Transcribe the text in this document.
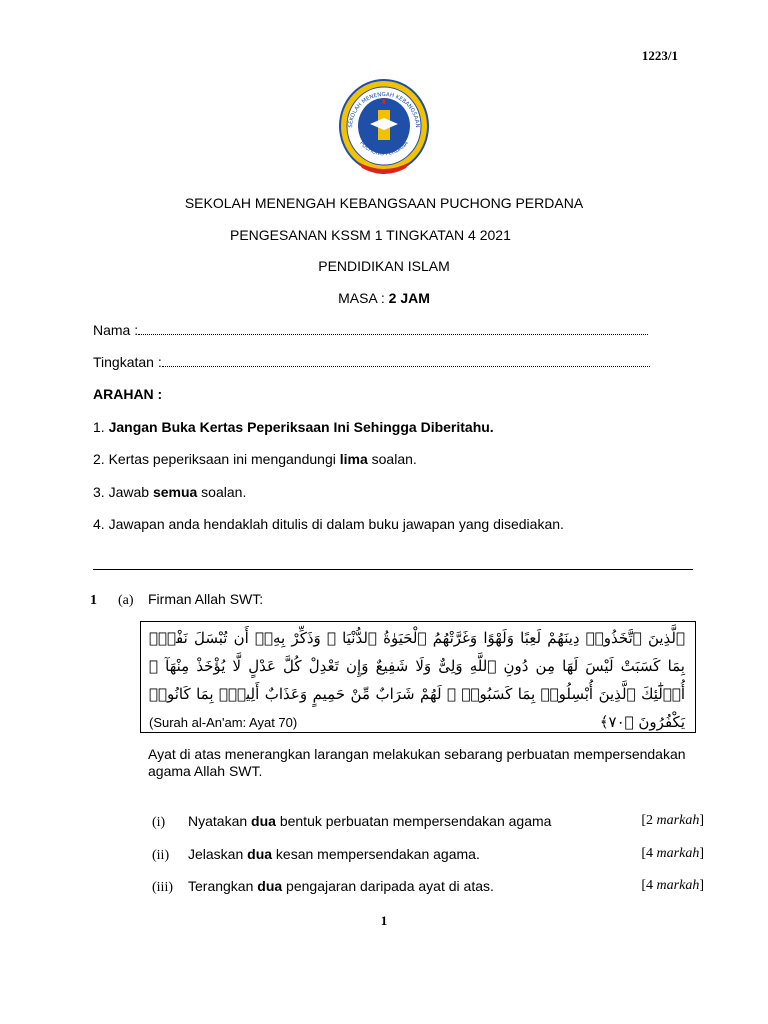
1223/1
SEKOLAH MENENGAH KEBANGSAAN
PUCHONG PERDANA
SEKOLAH MENENGAH KEBANGSAAN PUCHONG PERDANA
PENGESANAN KSSM 1 TINGKATAN 4 2021
PENDIDIKAN ISLAM
MASA : 2 JAM
Nama :
Tingkatan :
ARAHAN :
1. Jangan Buka Kertas Peperiksaan Ini Sehingga Diberitahu.
2. Kertas peperiksaan ini mengandungi lima soalan.
3. Jawab semua soalan.
4. Jawapan anda hendaklah ditulis di dalam buku jawapan yang disediakan.
1 (a) Firman Allah SWT:
ٱلَّذِينَ ٱتَّخَذُوا۟ دِينَهُمْ لَعِبًا وَلَهْوًا وَغَرَّتْهُمُ ٱلْحَيَوٰةُ ٱلدُّنْيَا ۚ وَذَكِّرْ بِهِۦٓ أَن تُبْسَلَ نَفْسٌۢ بِمَا كَسَبَتْ لَيْسَ لَهَا مِن دُونِ ٱللَّهِ وَلِىٌّ وَلَا شَفِيعٌ وَإِن تَعْدِلْ كُلَّ عَدْلٍ لَّا يُؤْخَذْ مِنْهَآ ۗ أُو۟لَٰٓئِكَ ٱلَّذِينَ أُبْسِلُوا۟ بِمَا كَسَبُوا۟ ۖ لَهُمْ شَرَابٌ مِّنْ حَمِيمٍ وَعَذَابٌ أَلِيمٌۢ بِمَا كَانُوا۟ يَكْفُرُونَ ﴿٧٠﴾
(Surah al-An'am: Ayat 70)
Ayat di atas menerangkan larangan melakukan sebarang perbuatan mempersendakan agama Allah SWT.
(i) Nyatakan dua bentuk perbuatan mempersendakan agama	[2 markah]
(ii) Jelaskan dua kesan mempersendakan agama.	[4 markah]
(iii) Terangkan dua pengajaran daripada ayat di atas.	[4 markah]
1
